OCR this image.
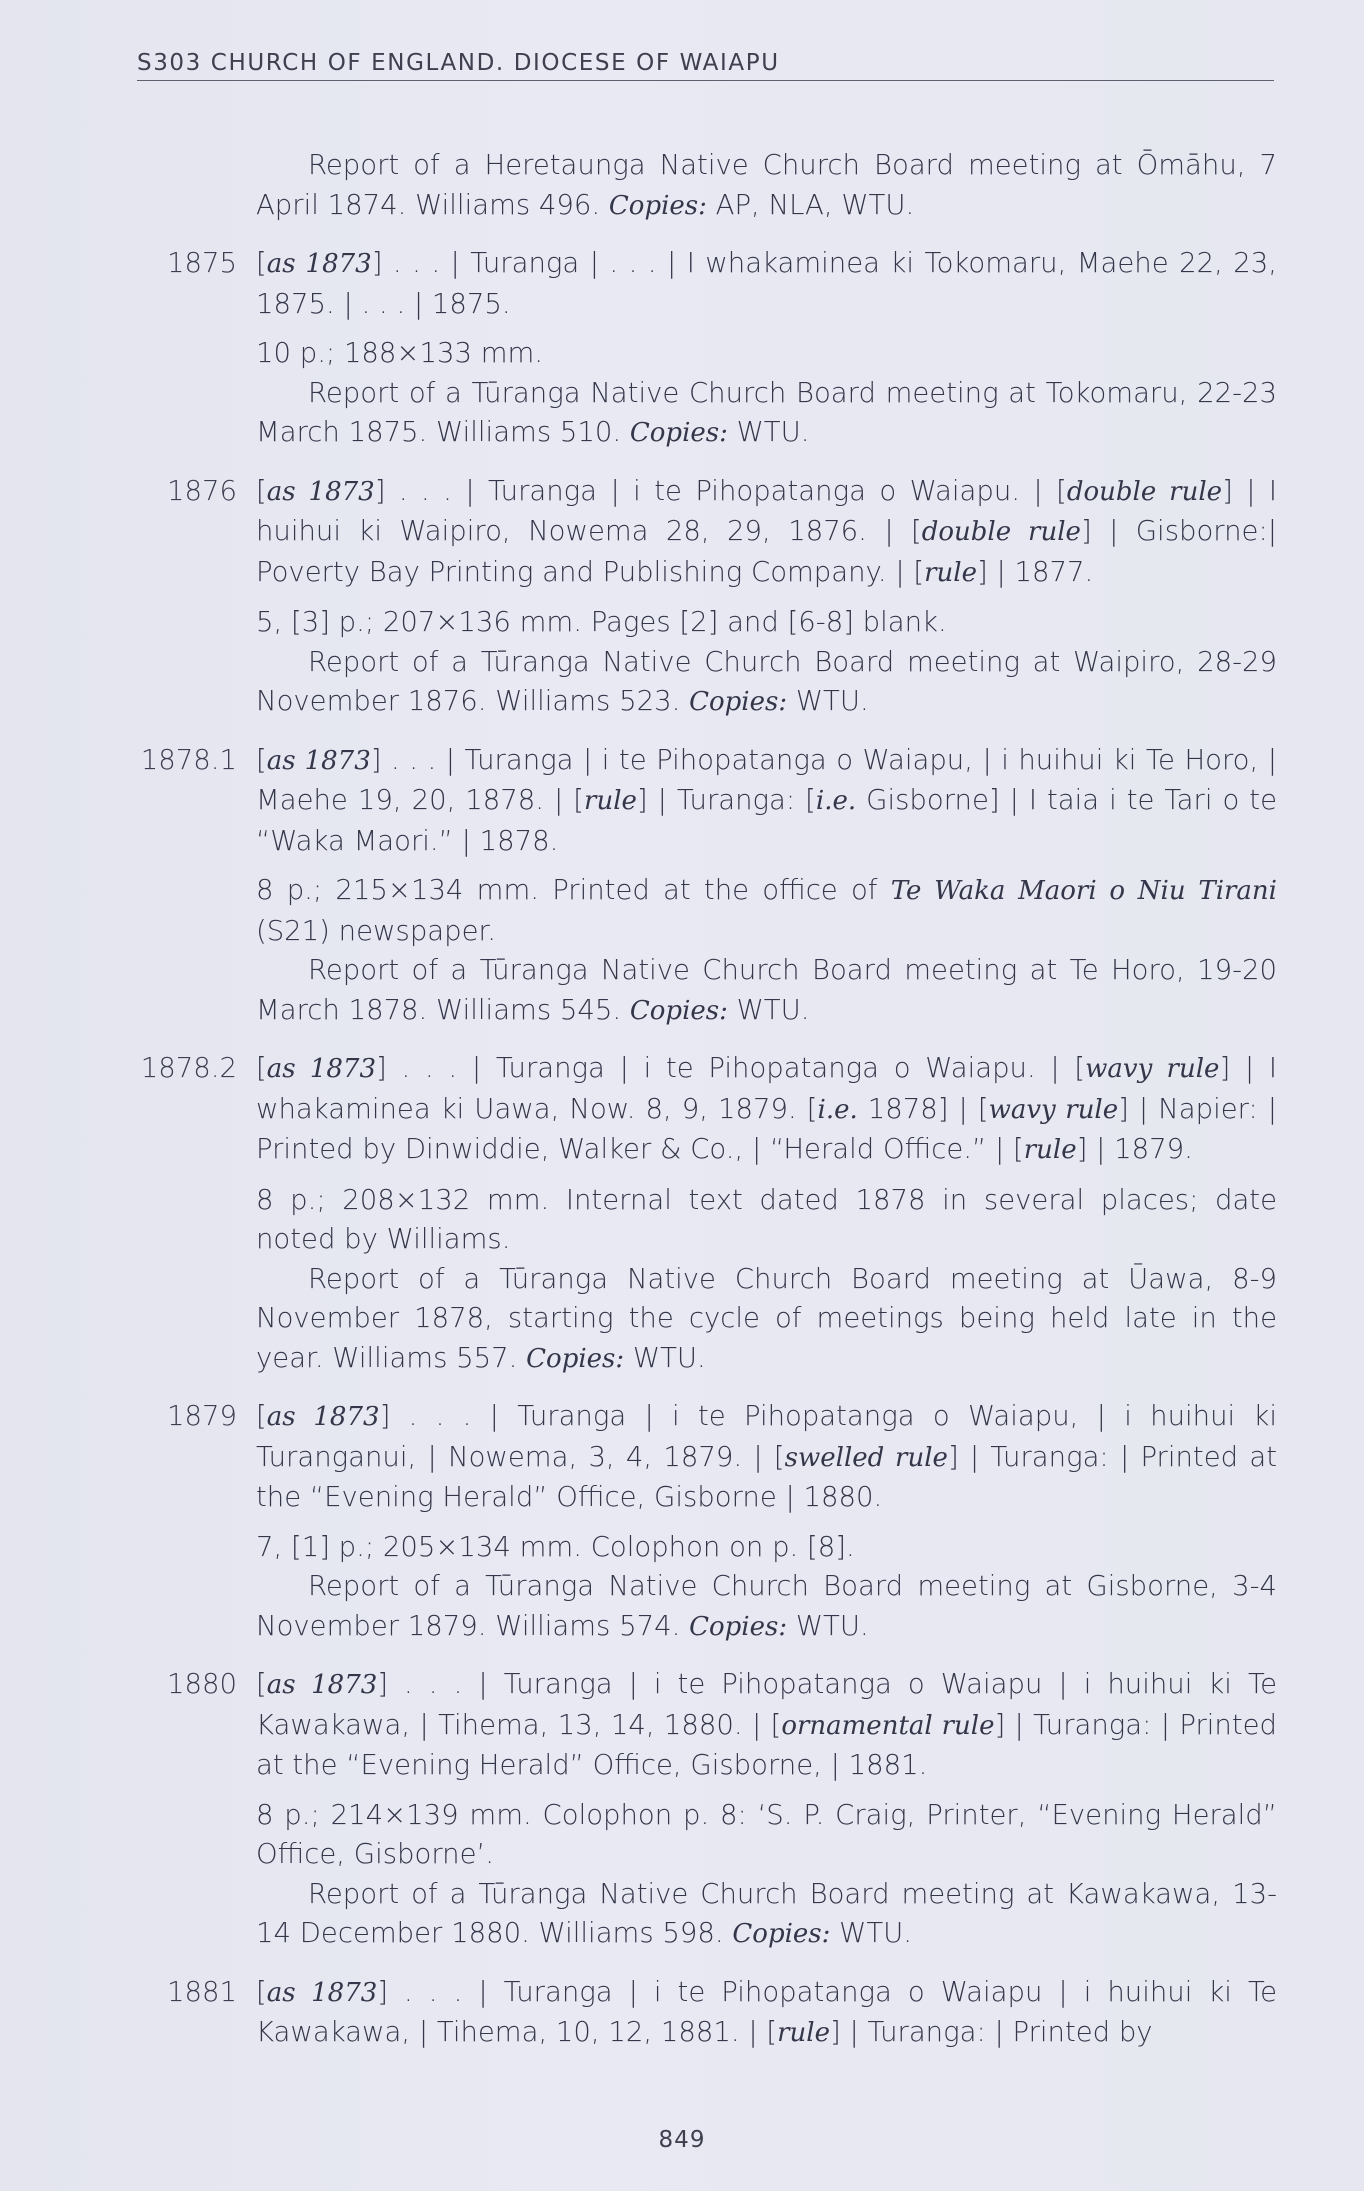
S303 CHURCH OF ENGLAND. DIOCESE OF WAIAPU

Report of a Heretaunga Native Church Board meeting at Ōmāhu, 7 April 1874. Williams 496. Copies: AP, NLA, WTU.

1875 [as 1873] . . . | Turanga | . . . | I whakaminea ki Tokomaru, Maehe 22, 23, 1875. | . . . | 1875.

10 p.; 188×133 mm.

Report of a Tūranga Native Church Board meeting at Tokomaru, 22-23 March 1875. Williams 510. Copies: WTU.

1876 [as 1873] . . . | Turanga | i te Pihopatanga o Waiapu. | [double rule] | I huihui ki Waipiro, Nowema 28, 29, 1876. | [double rule] | Gisborne:| Poverty Bay Printing and Publishing Company. | [rule] | 1877.

5, [3] p.; 207×136 mm. Pages [2] and [6-8] blank.

Report of a Tūranga Native Church Board meeting at Waipiro, 28-29 November 1876. Williams 523. Copies: WTU.

1878.1 [as 1873] . . . | Turanga | i te Pihopatanga o Waiapu, | i huihui ki Te Horo, | Maehe 19, 20, 1878. | [rule] | Turanga: [i.e. Gisborne] | I taia i te Tari o te “Waka Maori.” | 1878.

8 p.; 215×134 mm. Printed at the office of Te Waka Maori o Niu Tirani (S21) newspaper.

Report of a Tūranga Native Church Board meeting at Te Horo, 19-20 March 1878. Williams 545. Copies: WTU.

1878.2 [as 1873] . . . | Turanga | i te Pihopatanga o Waiapu. | [wavy rule] | I whakaminea ki Uawa, Now. 8, 9, 1879. [i.e. 1878] | [wavy rule] | Napier: | Printed by Dinwiddie, Walker & Co., | “Herald Office.” | [rule] | 1879.

8 p.; 208×132 mm. Internal text dated 1878 in several places; date noted by Williams.

Report of a Tūranga Native Church Board meeting at Ūawa, 8-9 November 1878, starting the cycle of meetings being held late in the year. Williams 557. Copies: WTU.

1879 [as 1873] . . . | Turanga | i te Pihopatanga o Waiapu, | i huihui ki Turanganui, | Nowema, 3, 4, 1879. | [swelled rule] | Turanga: | Printed at the “Evening Herald” Office, Gisborne | 1880.

7, [1] p.; 205×134 mm. Colophon on p. [8].

Report of a Tūranga Native Church Board meeting at Gisborne, 3-4 November 1879. Williams 574. Copies: WTU.

1880 [as 1873] . . . | Turanga | i te Pihopatanga o Waiapu | i huihui ki Te Kawakawa, | Tihema, 13, 14, 1880. | [ornamental rule] | Turanga: | Printed at the “Evening Herald” Office, Gisborne, | 1881.

8 p.; 214×139 mm. Colophon p. 8: ‘S. P. Craig, Printer, “Evening Herald” Office, Gisborne’.

Report of a Tūranga Native Church Board meeting at Kawakawa, 13-14 December 1880. Williams 598. Copies: WTU.

1881 [as 1873] . . . | Turanga | i te Pihopatanga o Waiapu | i huihui ki Te Kawakawa, | Tihema, 10, 12, 1881. | [rule] | Turanga: | Printed by

849
